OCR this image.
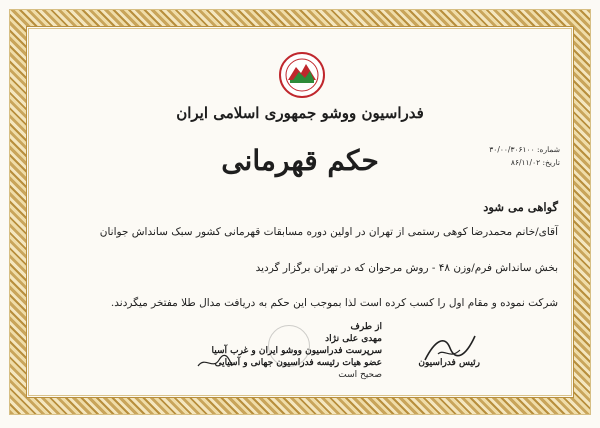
فدراسیون ووشو جمهوری اسلامی ایران
حکم قهرمانی	شماره: ۳۰/۰۰/۳۰۶۱۰۰
تاریخ: ۸۶/۱۱/۰۲
گواهی می شود
آقای/خانم محمدرضا کوهی رستمی از تهران در اولین دوره مسابقات قهرمانی کشور سبک سانداش جوانان
بخش سانداش فرم/وزن ۴۸ - روش مرحوان که در تهران برگزار گردید
شرکت نموده و مقام اول را کسب کرده است لذا بموجب این حکم به دریافت مدال طلا مفتخر میگردند.
از طرف
مهدی علی نژاد
سرپرست فدراسیون ووشو ایران و غرب آسیا
عضو هیات رئیسه فدراسیون جهانی و آسیایی
صحیح است
رئیس فدراسیون
